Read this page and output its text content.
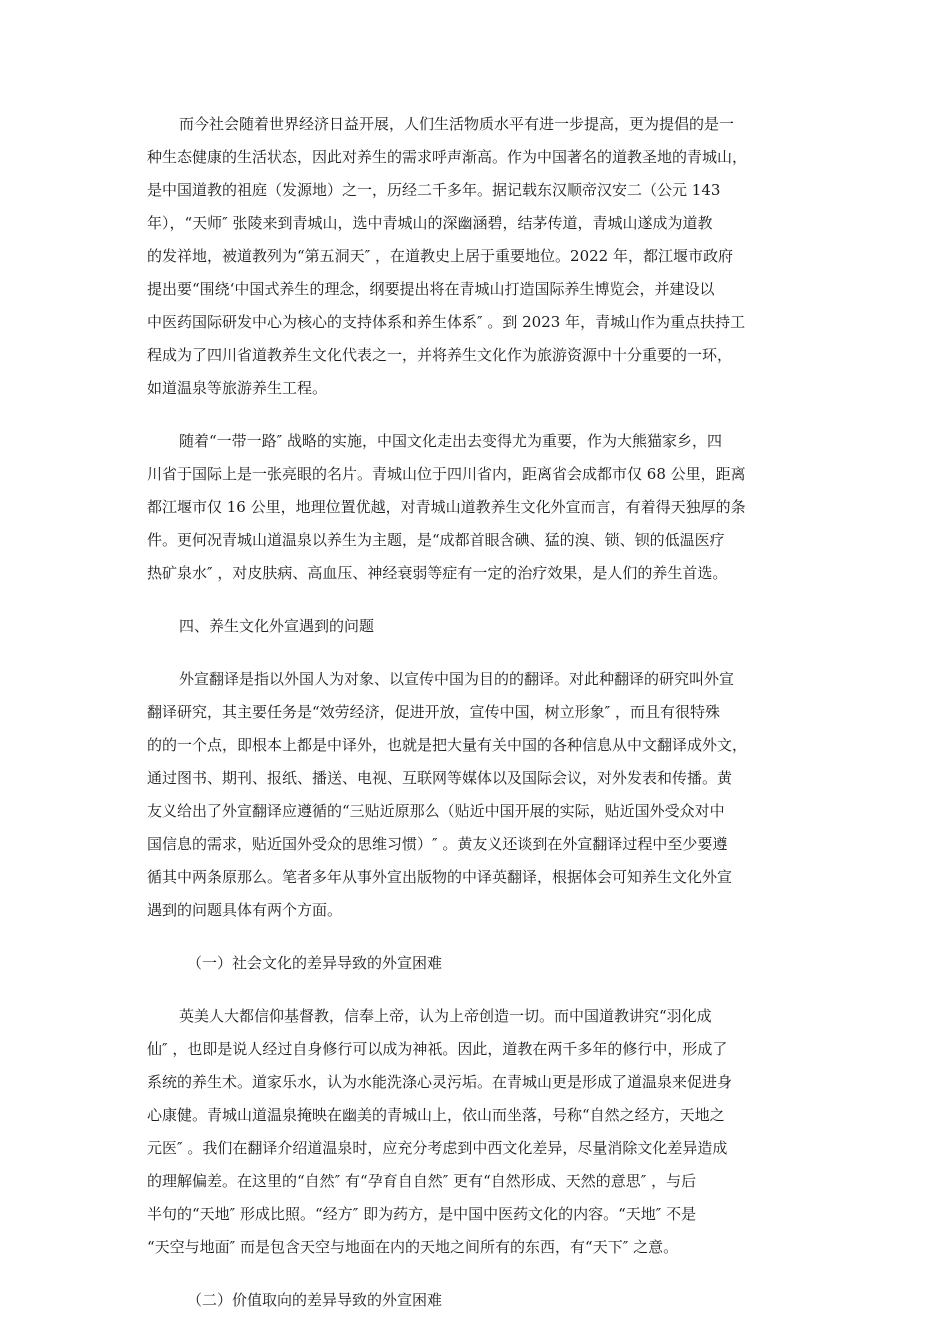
而今社会随着世界经济日益开展，人们生活物质水平有进一步提高，更为提倡的是一
种生态健康的生活状态，因此对养生的需求呼声渐高。作为中国著名的道教圣地的青城山，
是中国道教的祖庭（发源地）之一，历经二千多年。据记载东汉顺帝汉安二（公元 143
年），“天师″ 张陵来到青城山，选中青城山的深幽涵碧，结茅传道，青城山遂成为道教
的发祥地，被道教列为“第五洞天″ ，在道教史上居于重要地位。2022 年，都江堰市政府
提出要“围绕‘中国式养生的理念，纲要提出将在青城山打造国际养生博览会，并建设以
中医药国际研发中心为核心的支持体系和养生体系″ 。到 2023 年，青城山作为重点扶持工
程成为了四川省道教养生文化代表之一，并将养生文化作为旅游资源中十分重要的一环，
如道温泉等旅游养生工程。
随着“一带一路″ 战略的实施，中国文化走出去变得尤为重要，作为大熊猫家乡，四
川省于国际上是一张亮眼的名片。青城山位于四川省内，距离省会成都市仅 68 公里，距离
都江堰市仅 16 公里，地理位置优越，对青城山道教养生文化外宣而言，有着得天独厚的条
件。更何况青城山道温泉以养生为主题，是“成都首眼含碘、猛的溴、锁、钡的低温医疗
热矿泉水″ ，对皮肤病、高血压、神经衰弱等症有一定的治疗效果，是人们的养生首选。

四、养生文化外宣遇到的问题

外宣翻译是指以外国人为对象、以宣传中国为目的的翻译。对此种翻译的研究叫外宣
翻译研究，其主要任务是“效劳经济，促进开放，宣传中国，树立形象″ ，而且有很特殊
的的一个点，即根本上都是中译外，也就是把大量有关中国的各种信息从中文翻译成外文，
通过图书、期刊、报纸、播送、电视、互联网等媒体以及国际会议，对外发表和传播。黄
友义给出了外宣翻译应遵循的“三贴近原那么（贴近中国开展的实际，贴近国外受众对中
国信息的需求，贴近国外受众的思维习惯）″ 。黄友义还谈到在外宣翻译过程中至少要遵
循其中两条原那么。笔者多年从事外宣出版物的中译英翻译，根据体会可知养生文化外宣
遇到的问题具体有两个方面。

（一）社会文化的差异导致的外宣困难

英美人大都信仰基督教，信奉上帝，认为上帝创造一切。而中国道教讲究“羽化成
仙″ ，也即是说人经过自身修行可以成为神祇。因此，道教在两千多年的修行中，形成了
系统的养生术。道家乐水，认为水能洗涤心灵污垢。在青城山更是形成了道温泉来促进身
心康健。青城山道温泉掩映在幽美的青城山上，依山而坐落，号称“自然之经方，天地之
元医″ 。我们在翻译介绍道温泉时，应充分考虑到中西文化差异，尽量消除文化差异造成
的理解偏差。在这里的“自然″ 有“孕育自自然″ 更有“自然形成、天然的意思″ ，与后
半句的“天地″ 形成比照。“经方″ 即为药方，是中国中医药文化的内容。“天地″ 不是
“天空与地面″ 而是包含天空与地面在内的天地之间所有的东西，有“天下″ 之意。

（二）价值取向的差异导致的外宣困难
